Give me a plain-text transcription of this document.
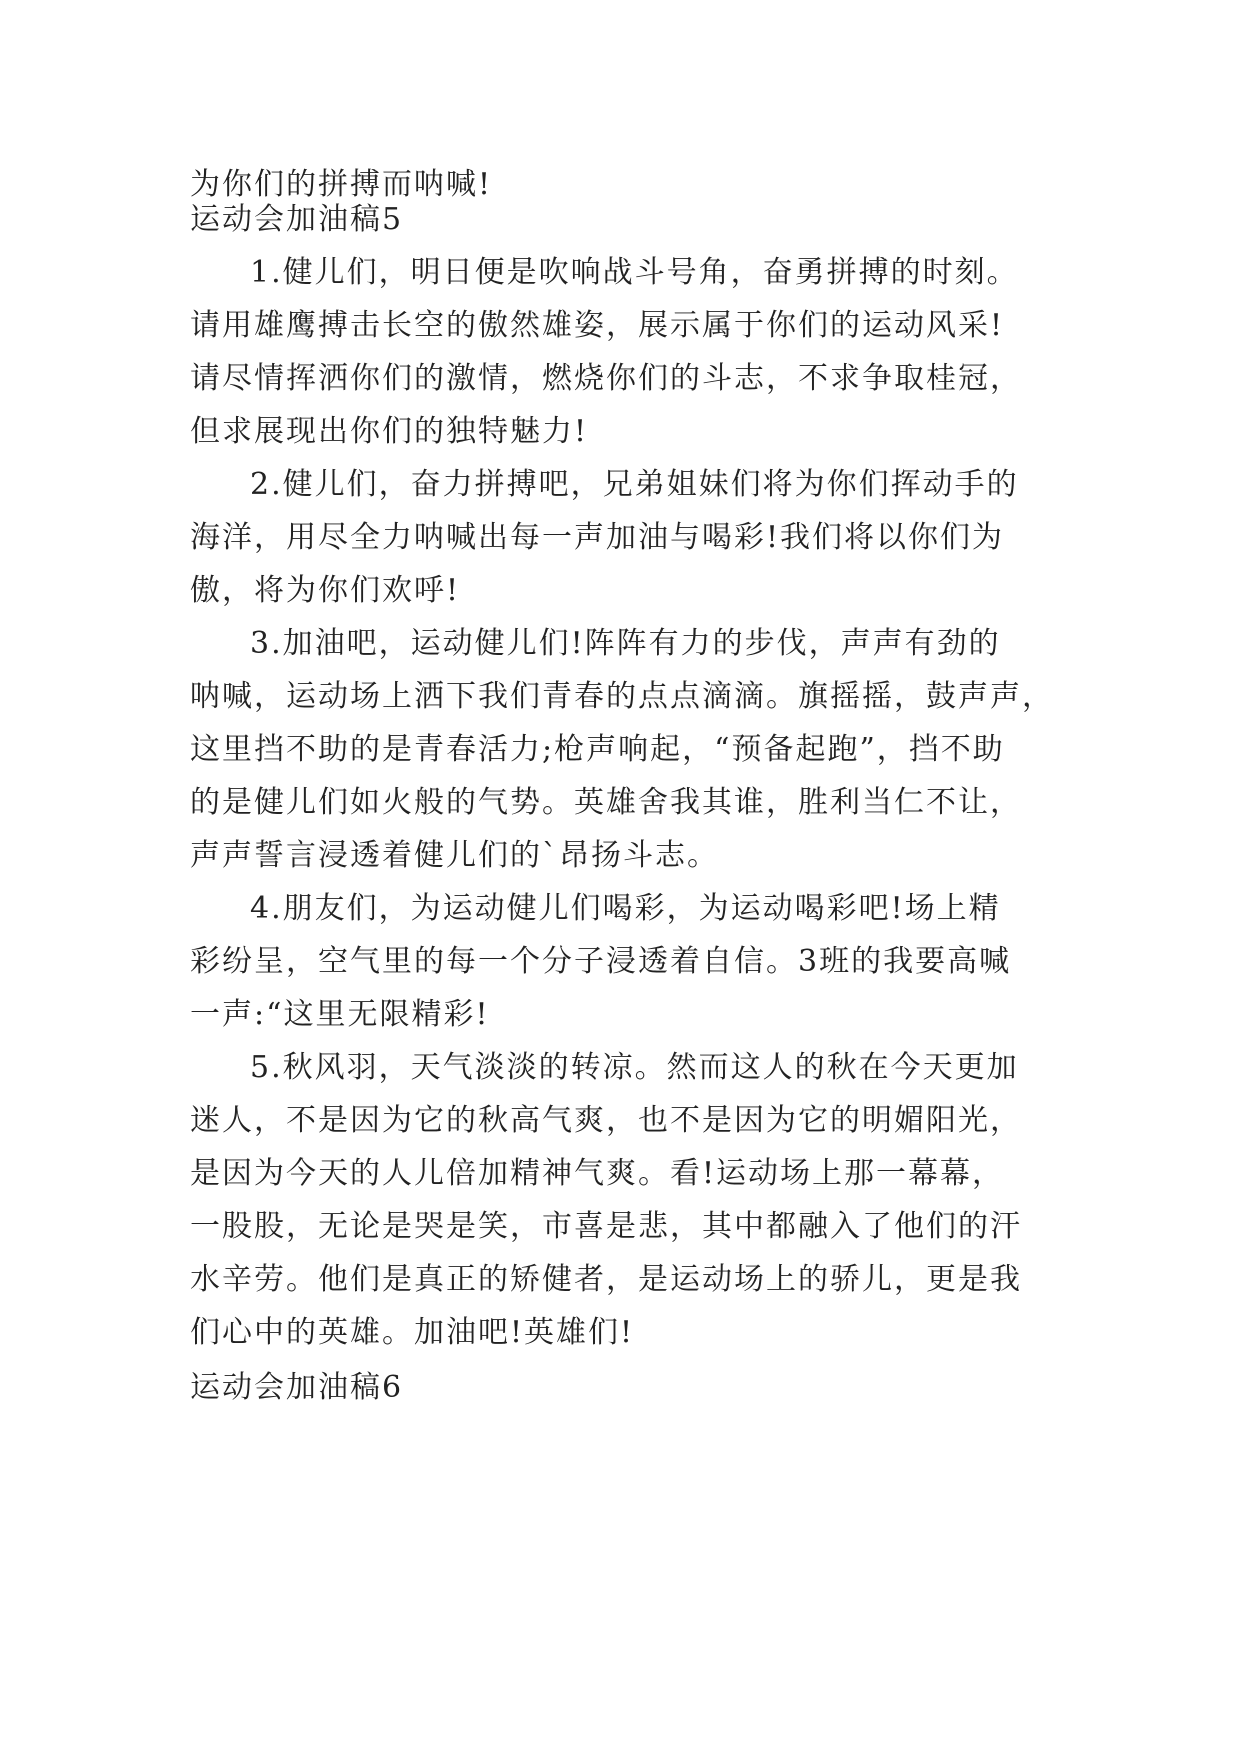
为你们的拼搏而呐喊!
运动会加油稿5
1.健儿们，明日便是吹响战斗号角，奋勇拼搏的时刻。
请用雄鹰搏击长空的傲然雄姿，展示属于你们的运动风采!
请尽情挥洒你们的激情，燃烧你们的斗志，不求争取桂冠，
但求展现出你们的独特魅力!
2.健儿们，奋力拼搏吧，兄弟姐妹们将为你们挥动手的
海洋，用尽全力呐喊出每一声加油与喝彩!我们将以你们为
傲，将为你们欢呼!
3.加油吧，运动健儿们!阵阵有力的步伐，声声有劲的
呐喊，运动场上洒下我们青春的点点滴滴。旗摇摇，鼓声声，
这里挡不助的是青春活力;枪声响起，“预备起跑”，挡不助
的是健儿们如火般的气势。英雄舍我其谁，胜利当仁不让，
声声誓言浸透着健儿们的`昂扬斗志。
4.朋友们，为运动健儿们喝彩，为运动喝彩吧!场上精
彩纷呈，空气里的每一个分子浸透着自信。3班的我要高喊
一声:“这里无限精彩!
5.秋风羽，天气淡淡的转凉。然而这人的秋在今天更加
迷人，不是因为它的秋高气爽，也不是因为它的明媚阳光，
是因为今天的人儿倍加精神气爽。看!运动场上那一幕幕，
一股股，无论是哭是笑，市喜是悲，其中都融入了他们的汗
水辛劳。他们是真正的矫健者，是运动场上的骄儿，更是我
们心中的英雄。加油吧!英雄们!
运动会加油稿6
